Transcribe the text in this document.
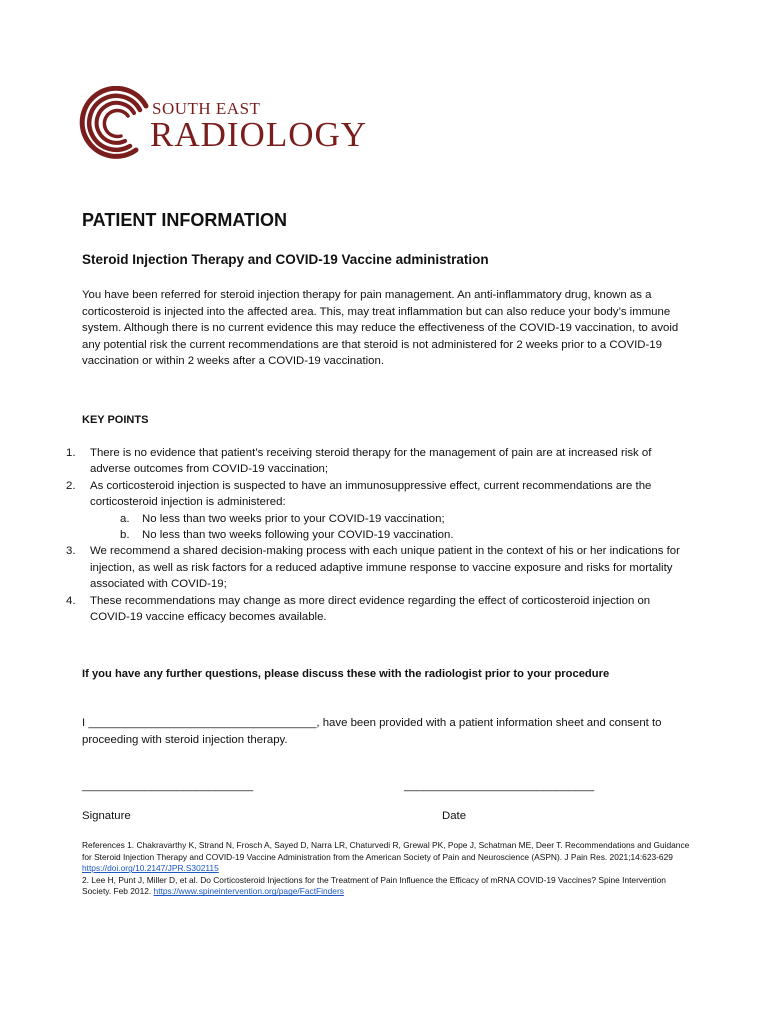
SOUTH EAST
RADIOLOGY
PATIENT INFORMATION
Steroid Injection Therapy and COVID-19 Vaccine administration

You have been referred for steroid injection therapy for pain management. An anti-inflammatory drug, known as a corticosteroid is injected into the affected area. This, may treat inflammation but can also reduce your body’s immune system. Although there is no current evidence this may reduce the effectiveness of the COVID-19 vaccination, to avoid any potential risk the current recommendations are that steroid is not administered for 2 weeks prior to a COVID-19 vaccination or within 2 weeks after a COVID-19 vaccination.

KEY POINTS
1. There is no evidence that patient’s receiving steroid therapy for the management of pain are at increased risk of adverse outcomes from COVID-19 vaccination;
2. As corticosteroid injection is suspected to have an immunosuppressive effect, current recommendations are the corticosteroid injection is administered:
a. No less than two weeks prior to your COVID-19 vaccination;
b. No less than two weeks following your COVID-19 vaccination.
3. We recommend a shared decision-making process with each unique patient in the context of his or her indications for injection, as well as risk factors for a reduced adaptive immune response to vaccine exposure and risks for mortality associated with COVID-19;
4. These recommendations may change as more direct evidence regarding the effect of corticosteroid injection on COVID-19 vaccine efficacy becomes available.
If you have any further questions, please discuss these with the radiologist prior to your procedure

I ____________________________________, have been provided with a patient information sheet and consent to proceeding with steroid injection therapy.

___________________________	______________________________
Signature	Date

References 1. Chakravarthy K, Strand N, Frosch A, Sayed D, Narra LR, Chaturvedi R, Grewal PK, Pope J, Schatman ME, Deer T. Recommendations and Guidance for Steroid Injection Therapy and COVID-19 Vaccine Administration from the American Society of Pain and Neuroscience (ASPN). J Pain Res. 2021;14:623-629 https://doi.org/10.2147/JPR.S302115
2. Lee H, Punt J, Miller D, et al. Do Corticosteroid Injections for the Treatment of Pain Influence the Efficacy of mRNA COVID-19 Vaccines? Spine Intervention Society. Feb 2012. https://www.spineintervention.org/page/FactFinders
